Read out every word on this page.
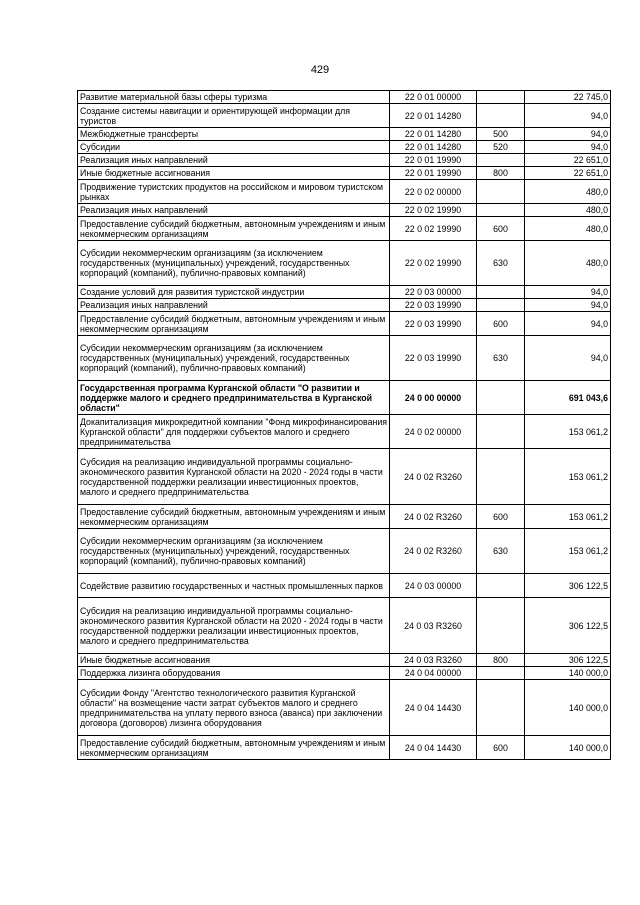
429
Развитие материальной базы сферы туризма	22 0 01 00000		22 745,0
Создание системы навигации и ориентирующей информации для туристов	22 0 01 14280		94,0
Межбюджетные трансферты	22 0 01 14280	500	94,0
Субсидии	22 0 01 14280	520	94,0
Реализация иных направлений	22 0 01 19990		22 651,0
Иные бюджетные ассигнования	22 0 01 19990	800	22 651,0
Продвижение туристских продуктов на российском и мировом туристском рынках	22 0 02 00000		480,0
Реализация иных направлений	22 0 02 19990		480,0
Предоставление субсидий бюджетным, автономным учреждениям и иным некоммерческим организациям	22 0 02 19990	600	480,0
Субсидии некоммерческим организациям (за исключением государственных (муниципальных) учреждений, государственных корпораций (компаний), публично-правовых компаний)	22 0 02 19990	630	480,0
Создание условий для развития туристской индустрии	22 0 03 00000		94,0
Реализация иных направлений	22 0 03 19990		94,0
Предоставление субсидий бюджетным, автономным учреждениям и иным некоммерческим организациям	22 0 03 19990	600	94,0
Субсидии некоммерческим организациям (за исключением государственных (муниципальных) учреждений, государственных корпораций (компаний), публично-правовых компаний)	22 0 03 19990	630	94,0
Государственная программа Курганской области "О развитии и поддержке малого и среднего предпринимательства в Курганской области"	24 0 00 00000		691 043,6
Докапитализация микрокредитной компании "Фонд микрофинансирования Курганской области" для поддержки субъектов малого и среднего предпринимательства	24 0 02 00000		153 061,2
Субсидия на реализацию индивидуальной программы социально-экономического развития Курганской области на 2020 - 2024 годы в части государственной поддержки реализации инвестиционных проектов, малого и среднего предпринимательства	24 0 02 R3260		153 061,2
Предоставление субсидий бюджетным, автономным учреждениям и иным некоммерческим организациям	24 0 02 R3260	600	153 061,2
Субсидии некоммерческим организациям (за исключением государственных (муниципальных) учреждений, государственных корпораций (компаний), публично-правовых компаний)	24 0 02 R3260	630	153 061,2
Содействие развитию государственных и частных промышленных парков	24 0 03 00000		306 122,5
Субсидия на реализацию индивидуальной программы социально-экономического развития Курганской области на 2020 - 2024 годы в части государственной поддержки реализации инвестиционных проектов, малого и среднего предпринимательства	24 0 03 R3260		306 122,5
Иные бюджетные ассигнования	24 0 03 R3260	800	306 122,5
Поддержка лизинга оборудования	24 0 04 00000		140 000,0
Субсидии Фонду "Агентство технологического развития Курганской области" на возмещение части затрат субъектов малого и среднего предпринимательства на уплату первого взноса (аванса) при заключении договора (договоров) лизинга оборудования	24 0 04 14430		140 000,0
Предоставление субсидий бюджетным, автономным учреждениям и иным некоммерческим организациям	24 0 04 14430	600	140 000,0
